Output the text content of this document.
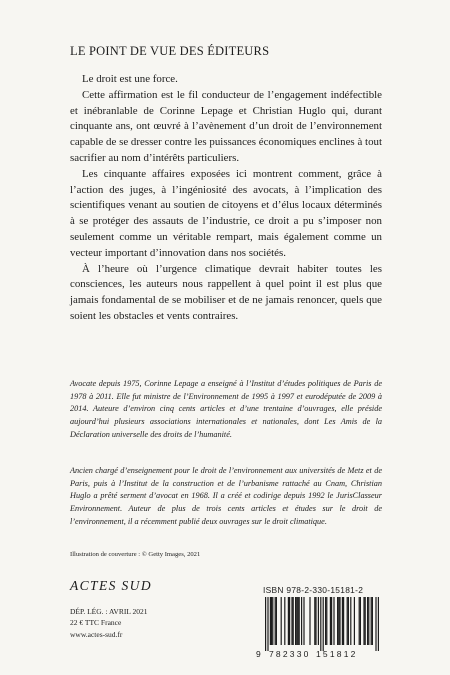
LE POINT DE VUE DES ÉDITEURS

Le droit est une force.

Cette affirmation est le fil conducteur de l’engagement indéfectible et inébranlable de Corinne Lepage et Christian Huglo qui, durant cinquante ans, ont œuvré à l’avènement d’un droit de l’environnement capable de se dresser contre les puissances économiques enclines à tout sacrifier au nom d’intérêts particuliers.

Les cinquante affaires exposées ici montrent comment, grâce à l’action des juges, à l’ingéniosité des avocats, à l’implication des scientifiques venant au soutien de citoyens et d’élus locaux déterminés à se protéger des assauts de l’industrie, ce droit a pu s’imposer non seulement comme un véritable rempart, mais également comme un vecteur important d’innovation dans nos sociétés.

À l’heure où l’urgence climatique devrait habiter toutes les consciences, les auteurs nous rappellent à quel point il est plus que jamais fondamental de se mobiliser et de ne jamais renoncer, quels que soient les obstacles et vents contraires.

Avocate depuis 1975, Corinne Lepage a enseigné à l’Institut d’études politiques de Paris de 1978 à 2011. Elle fut ministre de l’Environnement de 1995 à 1997 et eurodéputée de 2009 à 2014. Auteure d’environ cinq cents articles et d’une trentaine d’ouvrages, elle préside aujourd’hui plusieurs associations internationales et nationales, dont Les Amis de la Déclaration universelle des droits de l’humanité.

Ancien chargé d’enseignement pour le droit de l’environnement aux universités de Metz et de Paris, puis à l’Institut de la construction et de l’urbanisme rattaché au Cnam, Christian Huglo a prêté serment d’avocat en 1968. Il a créé et codirige depuis 1992 le JurisClasseur Environnement. Auteur de plus de trois cents articles et études sur le droit de l’environnement, il a récemment publié deux ouvrages sur le droit climatique.

Illustration de couverture : © Getty Images, 2021
ACTES SUD
DÉP. LÉG. : AVRIL 2021
22 € TTC France
www.actes-sud.fr
ISBN 978-2-330-15181-2
9 782330 151812
